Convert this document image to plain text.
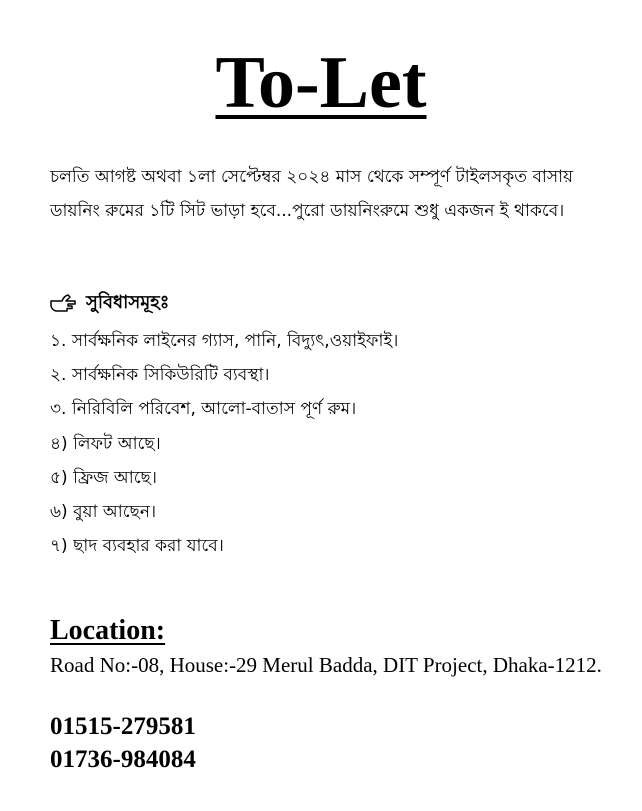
To-Let
চলতি আগষ্ট অথবা ১লা সেপ্টেম্বর ২০২৪ মাস থেকে সম্পূর্ণ টাইলসকৃত বাসায় ডায়নিং রুমের ১টি সিট ভাড়া হবে...পুরো ডায়নিংরুমে শুধু একজন ই থাকবে।
সুবিধাসমূহঃ
১. সার্বক্ষনিক লাইনের গ্যাস, পানি, বিদ্যুৎ,ওয়াইফাই।
২. সার্বক্ষনিক সিকিউরিটি ব্যবস্থা।
৩. নিরিবিলি পরিবেশ, আলো-বাতাস পূর্ণ রুম।
৪) লিফট আছে।
৫) ফ্রিজ আছে।
৬) বুয়া আছেন।
৭) ছাদ ব্যবহার করা যাবে।
Location:
Road No:-08, House:-29 Merul Badda, DIT Project, Dhaka-1212.
01515-279581
01736-984084
